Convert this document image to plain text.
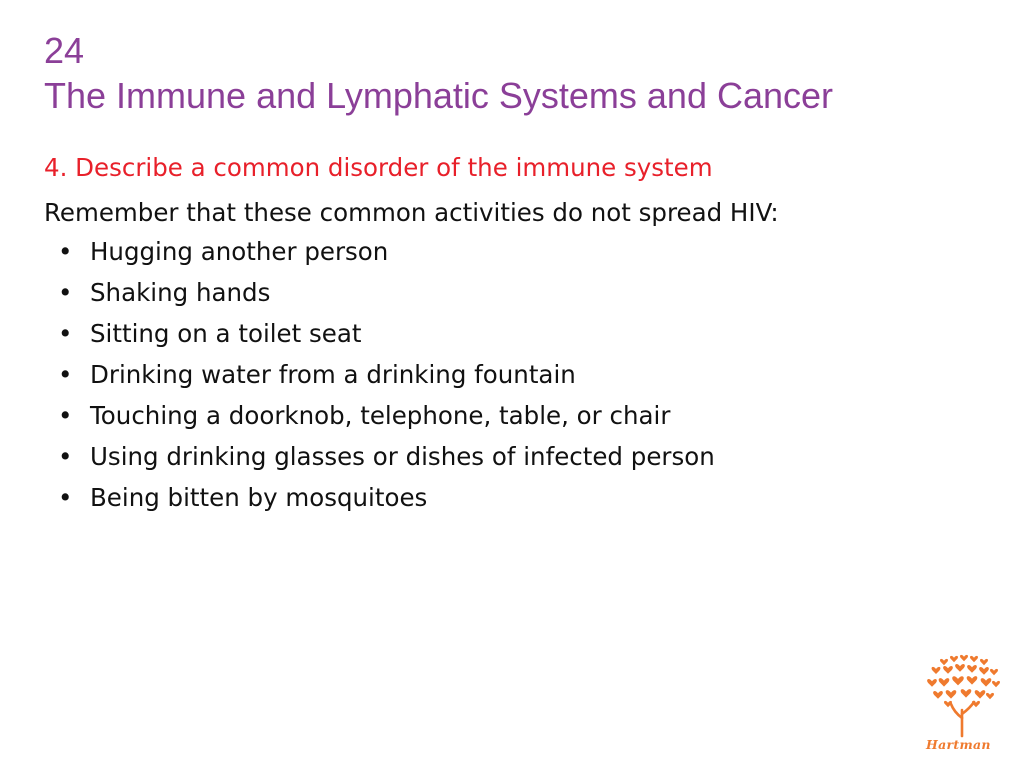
24
The Immune and Lymphatic Systems and Cancer

4. Describe a common disorder of the immune system

Remember that these common activities do not spread HIV:

• Hugging another person
• Shaking hands
• Sitting on a toilet seat
• Drinking water from a drinking fountain
• Touching a doorknob, telephone, table, or chair
• Using drinking glasses or dishes of infected person
• Being bitten by mosquitoes
Hartman
